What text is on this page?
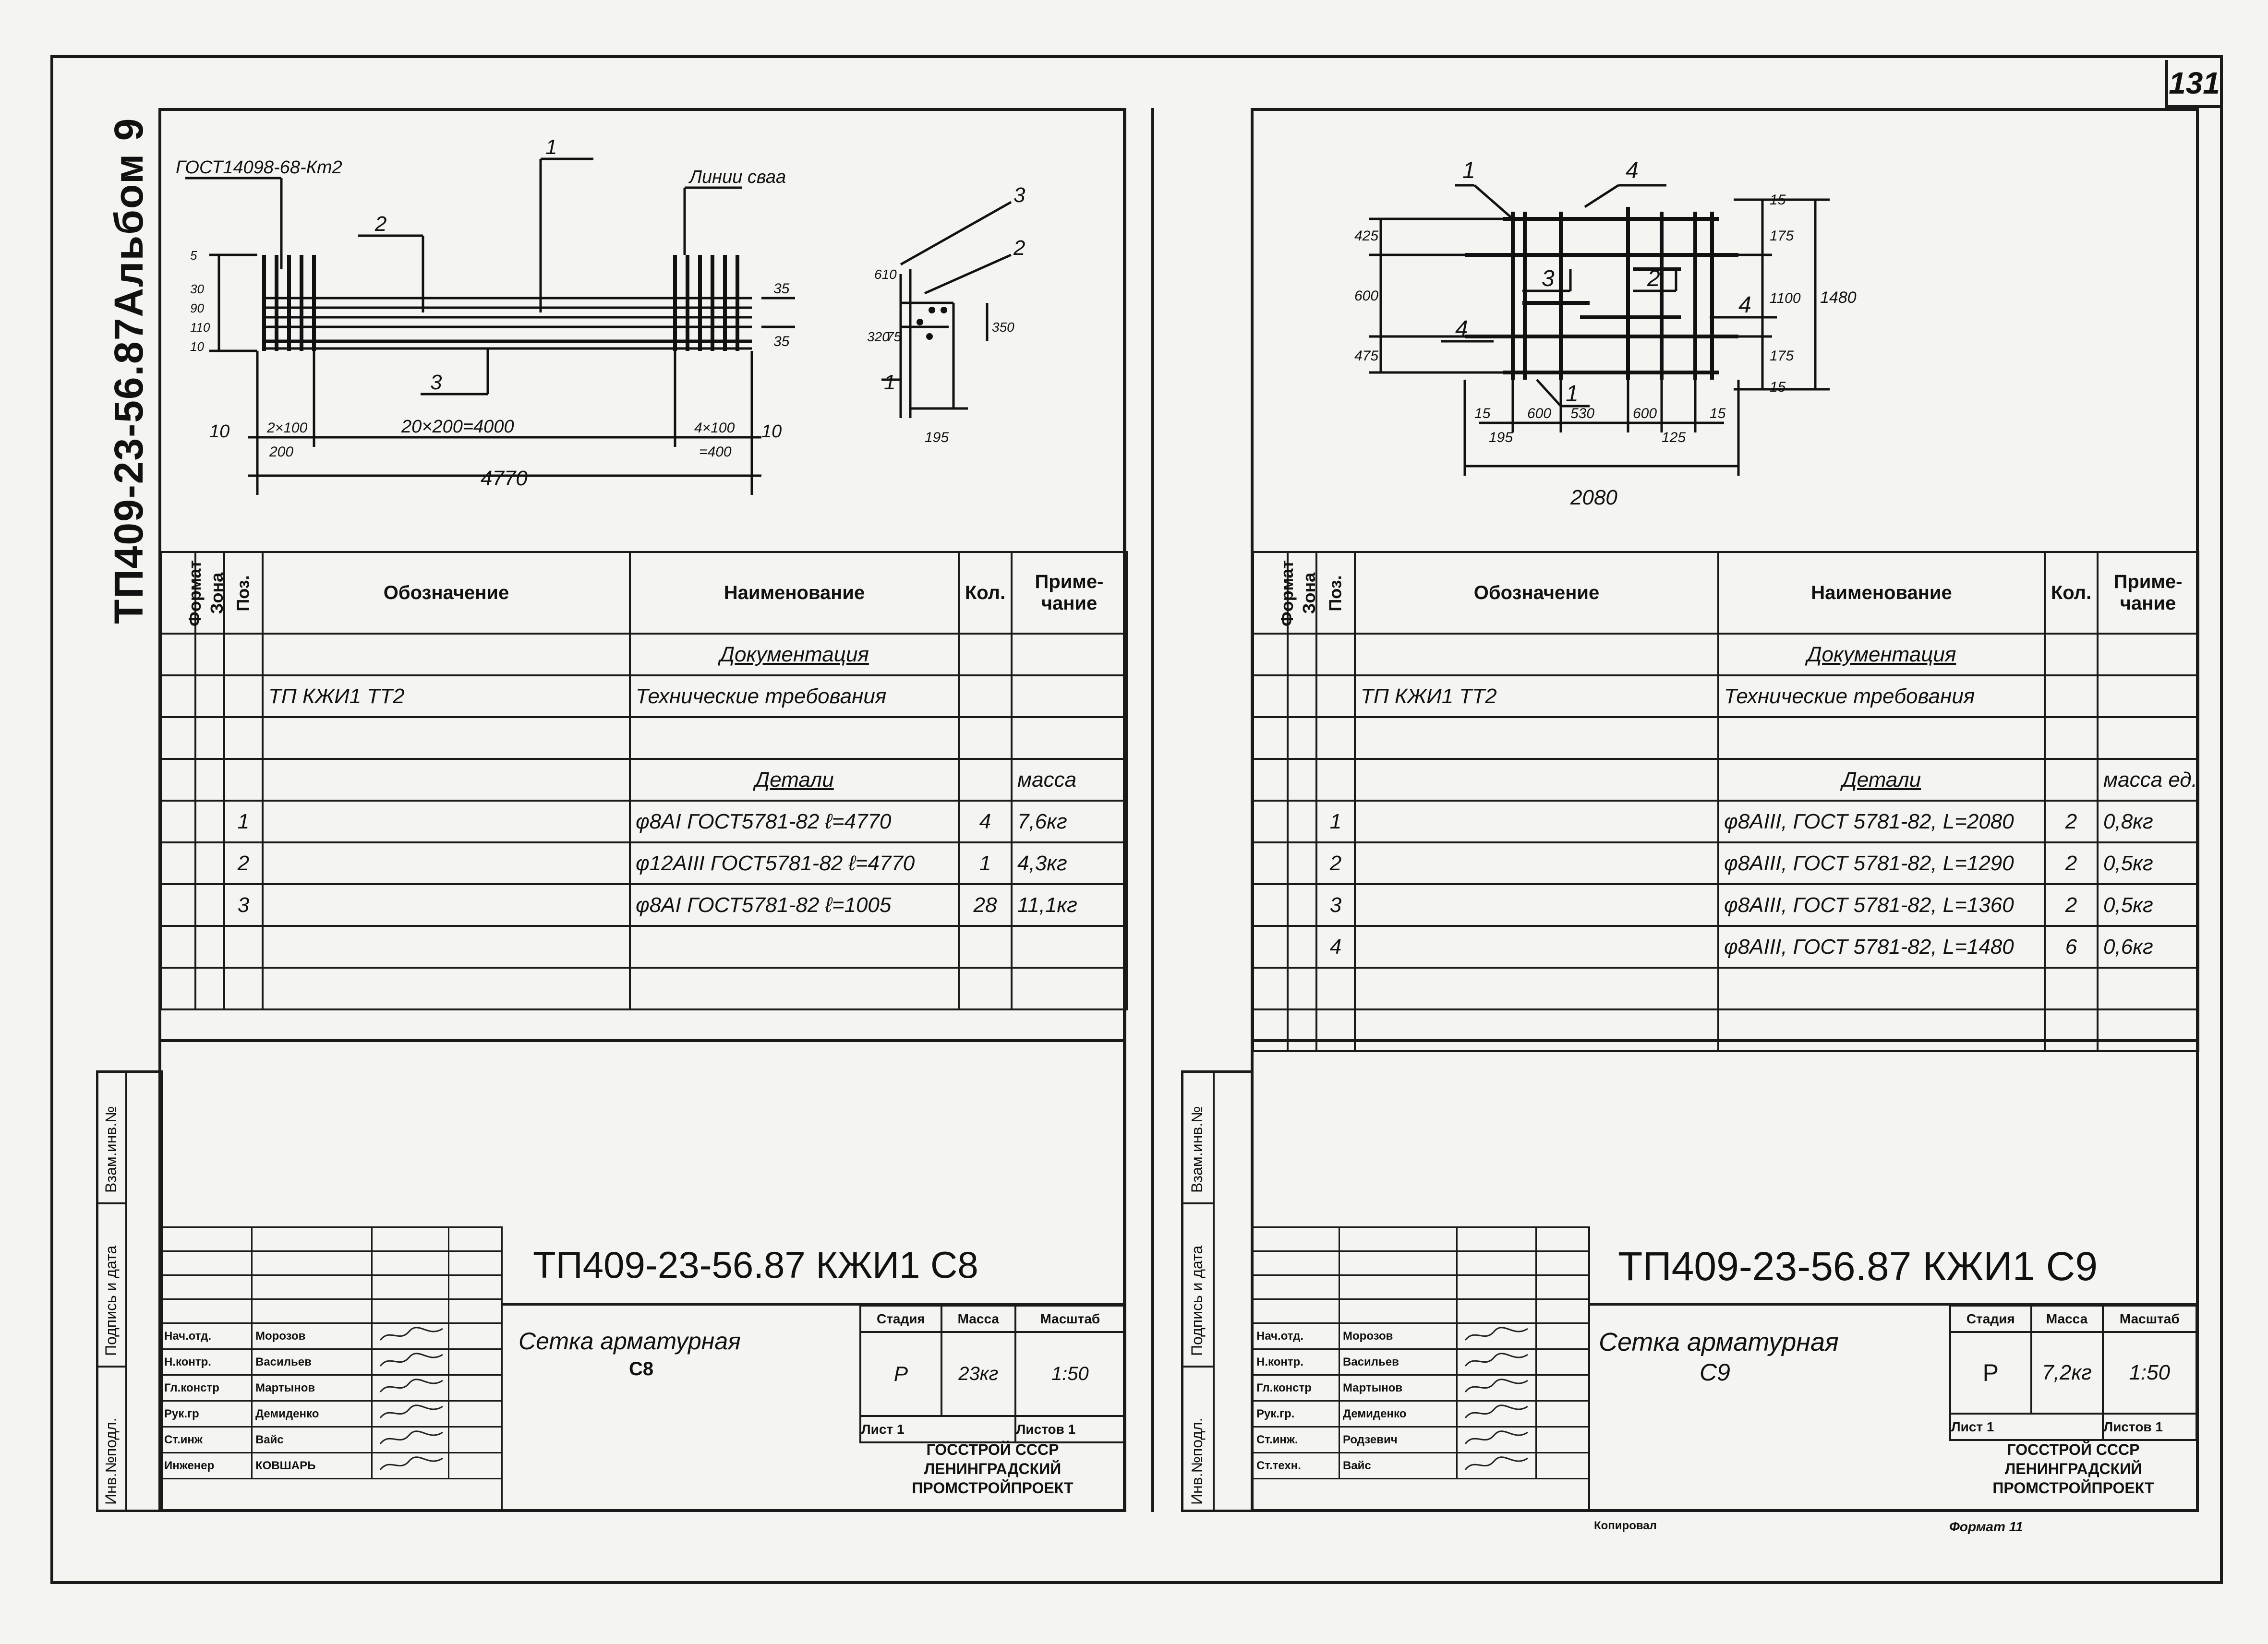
131
ТП409-23-56.87Альбом 9
Взам.инв.№
Подпись и дата
Инв.№подл.
Взам.инв.№
Подпись и дата
Инв.№подл.
ГОСТ14098-68-Кт2	Линии сваа
1
2
3
10	2×100	20×200=4000	4×100 10
200	=400
4770
5
30
90
110
10
35
35
3
2
1
610
320
75
195
350
Формат	Зона	Поз.	Обозначение	Наименование	Кол.	Приме-чание
				Документация		
			ТП КЖИ1 ТТ2	Технические требования		

				Детали		масса
		1		φ8АI ГОСТ5781-82 ℓ=4770	4	7,6кг
		2		φ12АIII ГОСТ5781-82 ℓ=4770	1	4,3кг
		3		φ8АI ГОСТ5781-82 ℓ=1005	28	11,1кг

Нач.отд.	Морозов		
Н.контр.	Васильев		
Гл.констр	Мартынов		
Рук.гр	Демиденко		
Ст.инж	Вайс		
Инженер	КОВШАРЬ		
ТП409-23-56.87 КЖИ1 С8
Сетка арматурная
С8
Стадия	Масса	Масштаб
Р	23кг	1:50
Лист 1		Листов 1
ГОССТРОЙ СССР
ЛЕНИНГРАДСКИЙ
ПРОМСТРОЙПРОЕКТ
1	4
3	2
4
1
4
425
600
475
15
175
1100
175
15
1480
15
195
600 530	600
125
15
2080
Формат	Зона	Поз.	Обозначение	Наименование	Кол.	Приме-чание
				Документация		
			ТП КЖИ1 ТТ2	Технические требования		

				Детали		масса ед.
		1		φ8АIII, ГОСТ 5781-82, L=2080	2	0,8кг
		2		φ8АIII, ГОСТ 5781-82, L=1290	2	0,5кг
		3		φ8АIII, ГОСТ 5781-82, L=1360	2	0,5кг
		4		φ8АIII, ГОСТ 5781-82, L=1480	6	0,6кг

Нач.отд.	Морозов		
Н.контр.	Васильев		
Гл.констр	Мартынов		
Рук.гр.	Демиденко		
Ст.инж.	Родзевич		
Ст.техн.	Вайс		
ТП409-23-56.87 КЖИ1 С9
Сетка арматурная
С9
Стадия	Масса	Масштаб
Р	7,2кг	1:50
Лист 1		Листов 1
ГОССТРОЙ СССР
ЛЕНИНГРАДСКИЙ
ПРОМСТРОЙПРОЕКТ
Копировал	Формат 11
